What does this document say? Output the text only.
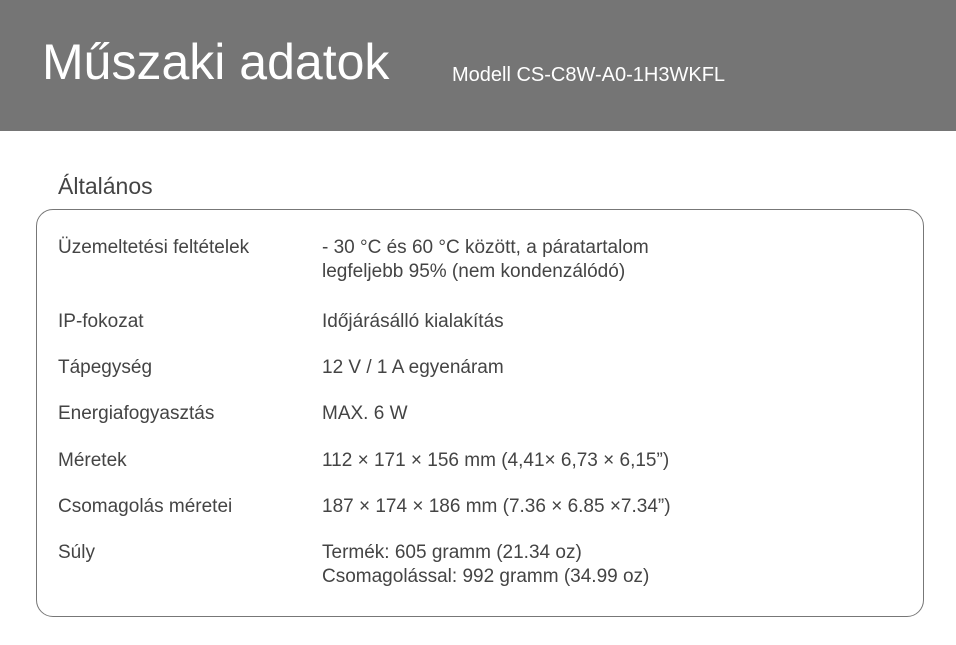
Műszaki adatok	Modell CS-C8W-A0-1H3WKFL
Általános
Üzemeltetési feltételek	- 30 °C és 60 °C között, a páratartalom
legfeljebb 95% (nem kondenzálódó)
IP-fokozat	Időjárásálló kialakítás
Tápegység	12 V / 1 A egyenáram
Energiafogyasztás	MAX. 6 W
Méretek	112 × 171 × 156 mm (4,41× 6,73 × 6,15”)
Csomagolás méretei	187 × 174 × 186 mm (7.36 × 6.85 ×7.34”)
Súly	Termék: 605 gramm (21.34 oz)
Csomagolással: 992 gramm (34.99 oz)
